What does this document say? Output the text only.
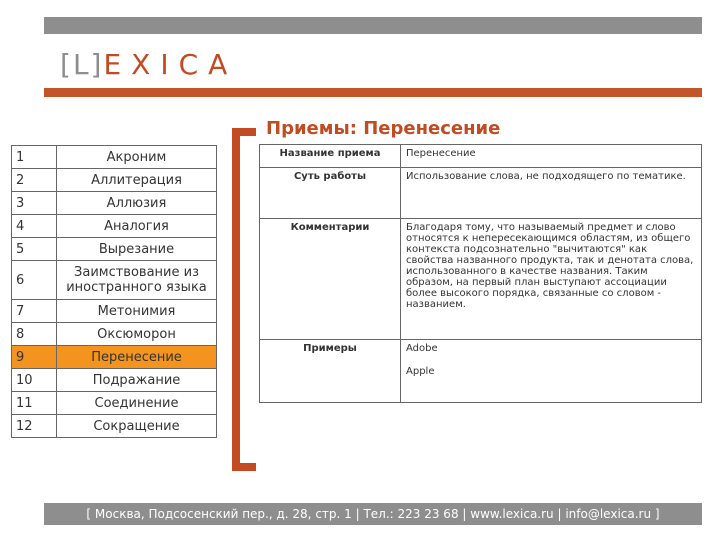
[L]EXICA
Приемы: Перенесение
1	Акроним
2	Аллитерация
3	Аллюзия
4	Аналогия
5	Вырезание
6	Заимствование из иностранного языка
7	Метонимия
8	Оксюморон
9	Перенесение
10	Подражание
11	Соединение
12	Сокращение
Название приема	Перенесение
Суть работы	Использование слова, не подходящего по тематике.
Комментарии	Благодаря тому, что называемый предмет и слово относятся к непересекающимся областям, из общего контекста подсознательно "вычитаются" как свойства названного продукта, так и денотата слова, использованного в качестве названия. Таким образом, на первый план выступают ассоциации более высокого порядка, связанные со словом - названием.
Примеры	Adobe
Apple
[ Москва, Подсосенский пер., д. 28, стр. 1 | Тел.: 223 23 68 | www.lexica.ru | info@lexica.ru ]
